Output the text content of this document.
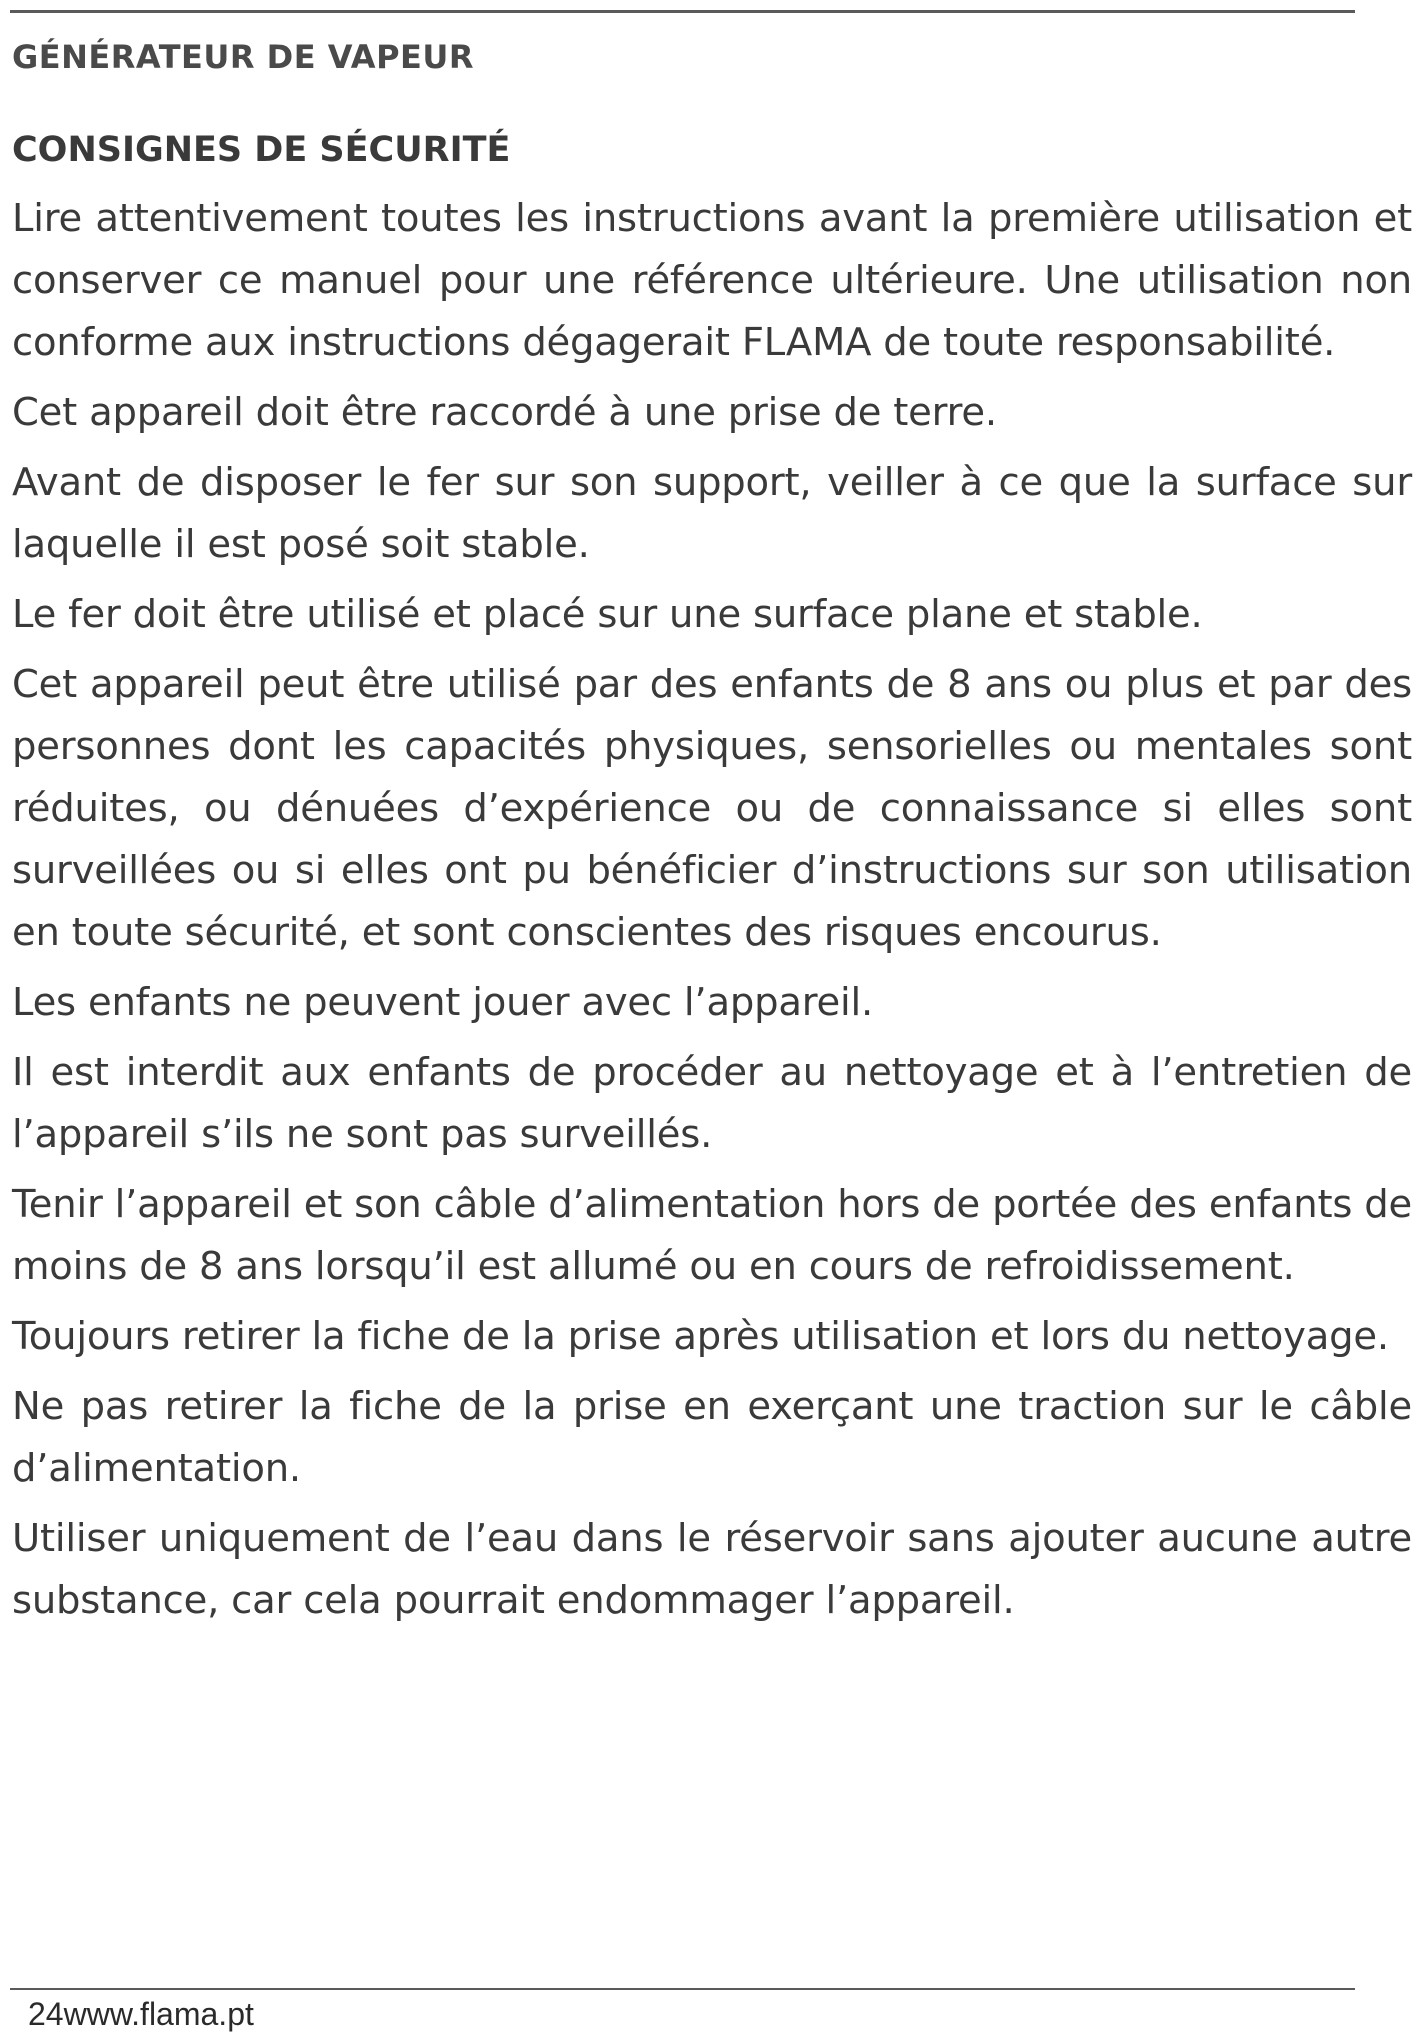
GÉNÉRATEUR DE VAPEUR
CONSIGNES DE SÉCURITÉ

Lire attentivement toutes les instructions avant la première utilisation et conserver ce manuel pour une référence ultérieure. Une utilisation non conforme aux instructions dégagerait FLAMA de toute responsabilité.

Cet appareil doit être raccordé à une prise de terre.

Avant de disposer le fer sur son support, veiller à ce que la surface sur laquelle il est posé soit stable.

Le fer doit être utilisé et placé sur une surface plane et stable.

Cet appareil peut être utilisé par des enfants de 8 ans ou plus et par des personnes dont les capacités physiques, sensorielles ou mentales sont réduites, ou dénuées d’expérience ou de connaissance si elles sont surveillées ou si elles ont pu bénéficier d’instructions sur son utilisation en toute sécurité, et sont conscientes des risques encourus.

Les enfants ne peuvent jouer avec l’appareil.

Il est interdit aux enfants de procéder au nettoyage et à l’entretien de l’appareil s’ils ne sont pas surveillés.

Tenir l’appareil et son câble d’alimentation hors de portée des enfants de moins de 8 ans lorsqu’il est allumé ou en cours de refroidissement.

Toujours retirer la fiche de la prise après utilisation et lors du nettoyage.

Ne pas retirer la fiche de la prise en exerçant une traction sur le câble d’alimentation.

Utiliser uniquement de l’eau dans le réservoir sans ajouter aucune autre substance, car cela pourrait endommager l’appareil.

24www.flama.pt
